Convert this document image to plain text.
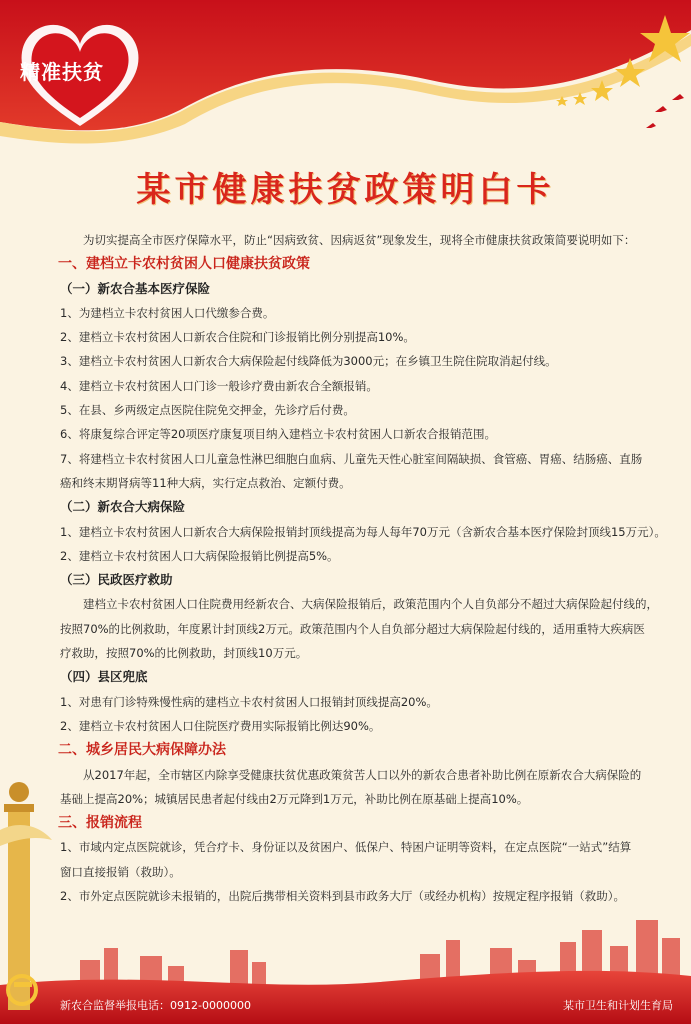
精准扶贫
某市健康扶贫政策明白卡
为切实提高全市医疗保障水平，防止“因病致贫、因病返贫”现象发生，现将全市健康扶贫政策简要说明如下：
一、建档立卡农村贫困人口健康扶贫政策
（一）新农合基本医疗保险
1、为建档立卡农村贫困人口代缴参合费。
2、建档立卡农村贫困人口新农合住院和门诊报销比例分别提高10%。
3、建档立卡农村贫困人口新农合大病保险起付线降低为3000元；在乡镇卫生院住院取消起付线。
4、建档立卡农村贫困人口门诊一般诊疗费由新农合全额报销。
5、在县、乡两级定点医院住院免交押金，先诊疗后付费。
6、将康复综合评定等20项医疗康复项目纳入建档立卡农村贫困人口新农合报销范围。
7、将建档立卡农村贫困人口儿童急性淋巴细胞白血病、儿童先天性心脏室间隔缺损、食管癌、胃癌、结肠癌、直肠
癌和终末期肾病等11种大病，实行定点救治、定额付费。
（二）新农合大病保险
1、建档立卡农村贫困人口新农合大病保险报销封顶线提高为每人每年70万元（含新农合基本医疗保险封顶线15万元）。
2、建档立卡农村贫困人口大病保险报销比例提高5%。
（三）民政医疗救助
建档立卡农村贫困人口住院费用经新农合、大病保险报销后，政策范围内个人自负部分不超过大病保险起付线的，
按照70%的比例救助，年度累计封顶线2万元。政策范围内个人自负部分超过大病保险起付线的，适用重特大疾病医
疗救助，按照70%的比例救助，封顶线10万元。
（四）县区兜底
1、对患有门诊特殊慢性病的建档立卡农村贫困人口报销封顶线提高20%。
2、建档立卡农村贫困人口住院医疗费用实际报销比例达90%。
二、城乡居民大病保障办法
从2017年起，全市辖区内除享受健康扶贫优惠政策贫苦人口以外的新农合患者补助比例在原新农合大病保险的
基础上提高20%；城镇居民患者起付线由2万元降到1万元，补助比例在原基础上提高10%。
三、报销流程
1、市域内定点医院就诊，凭合疗卡、身份证以及贫困户、低保户、特困户证明等资料，在定点医院“一站式”结算
窗口直接报销（救助）。
2、市外定点医院就诊未报销的，出院后携带相关资料到县市政务大厅（或经办机构）按规定程序报销（救助）。
新农合监督举报电话：0912-0000000	某市卫生和计划生育局
